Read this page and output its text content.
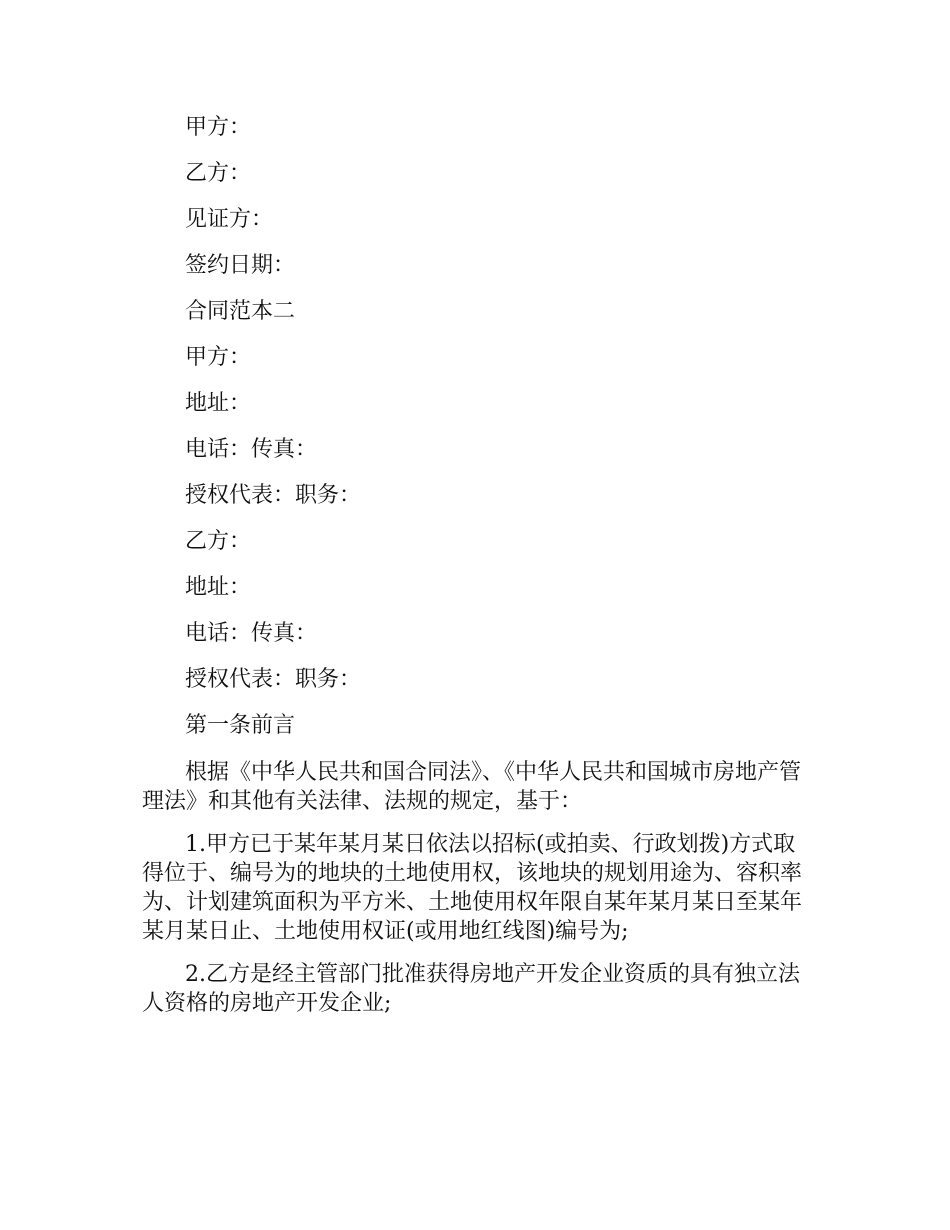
甲方：

乙方：

见证方：

签约日期：

合同范本二

甲方：

地址：

电话：传真：

授权代表：职务：

乙方：

地址：

电话：传真：

授权代表：职务：

第一条前言

根据《中华人民共和国合同法》、《中华人民共和国城市房地产管理法》和其他有关法律、法规的规定，基于：

1.甲方已于某年某月某日依法以招标(或拍卖、行政划拨)方式取得位于、编号为的地块的土地使用权，该地块的规划用途为、容积率为、计划建筑面积为平方米、土地使用权年限自某年某月某日至某年某月某日止、土地使用权证(或用地红线图)编号为;

2.乙方是经主管部门批准获得房地产开发企业资质的具有独立法人资格的房地产开发企业;
